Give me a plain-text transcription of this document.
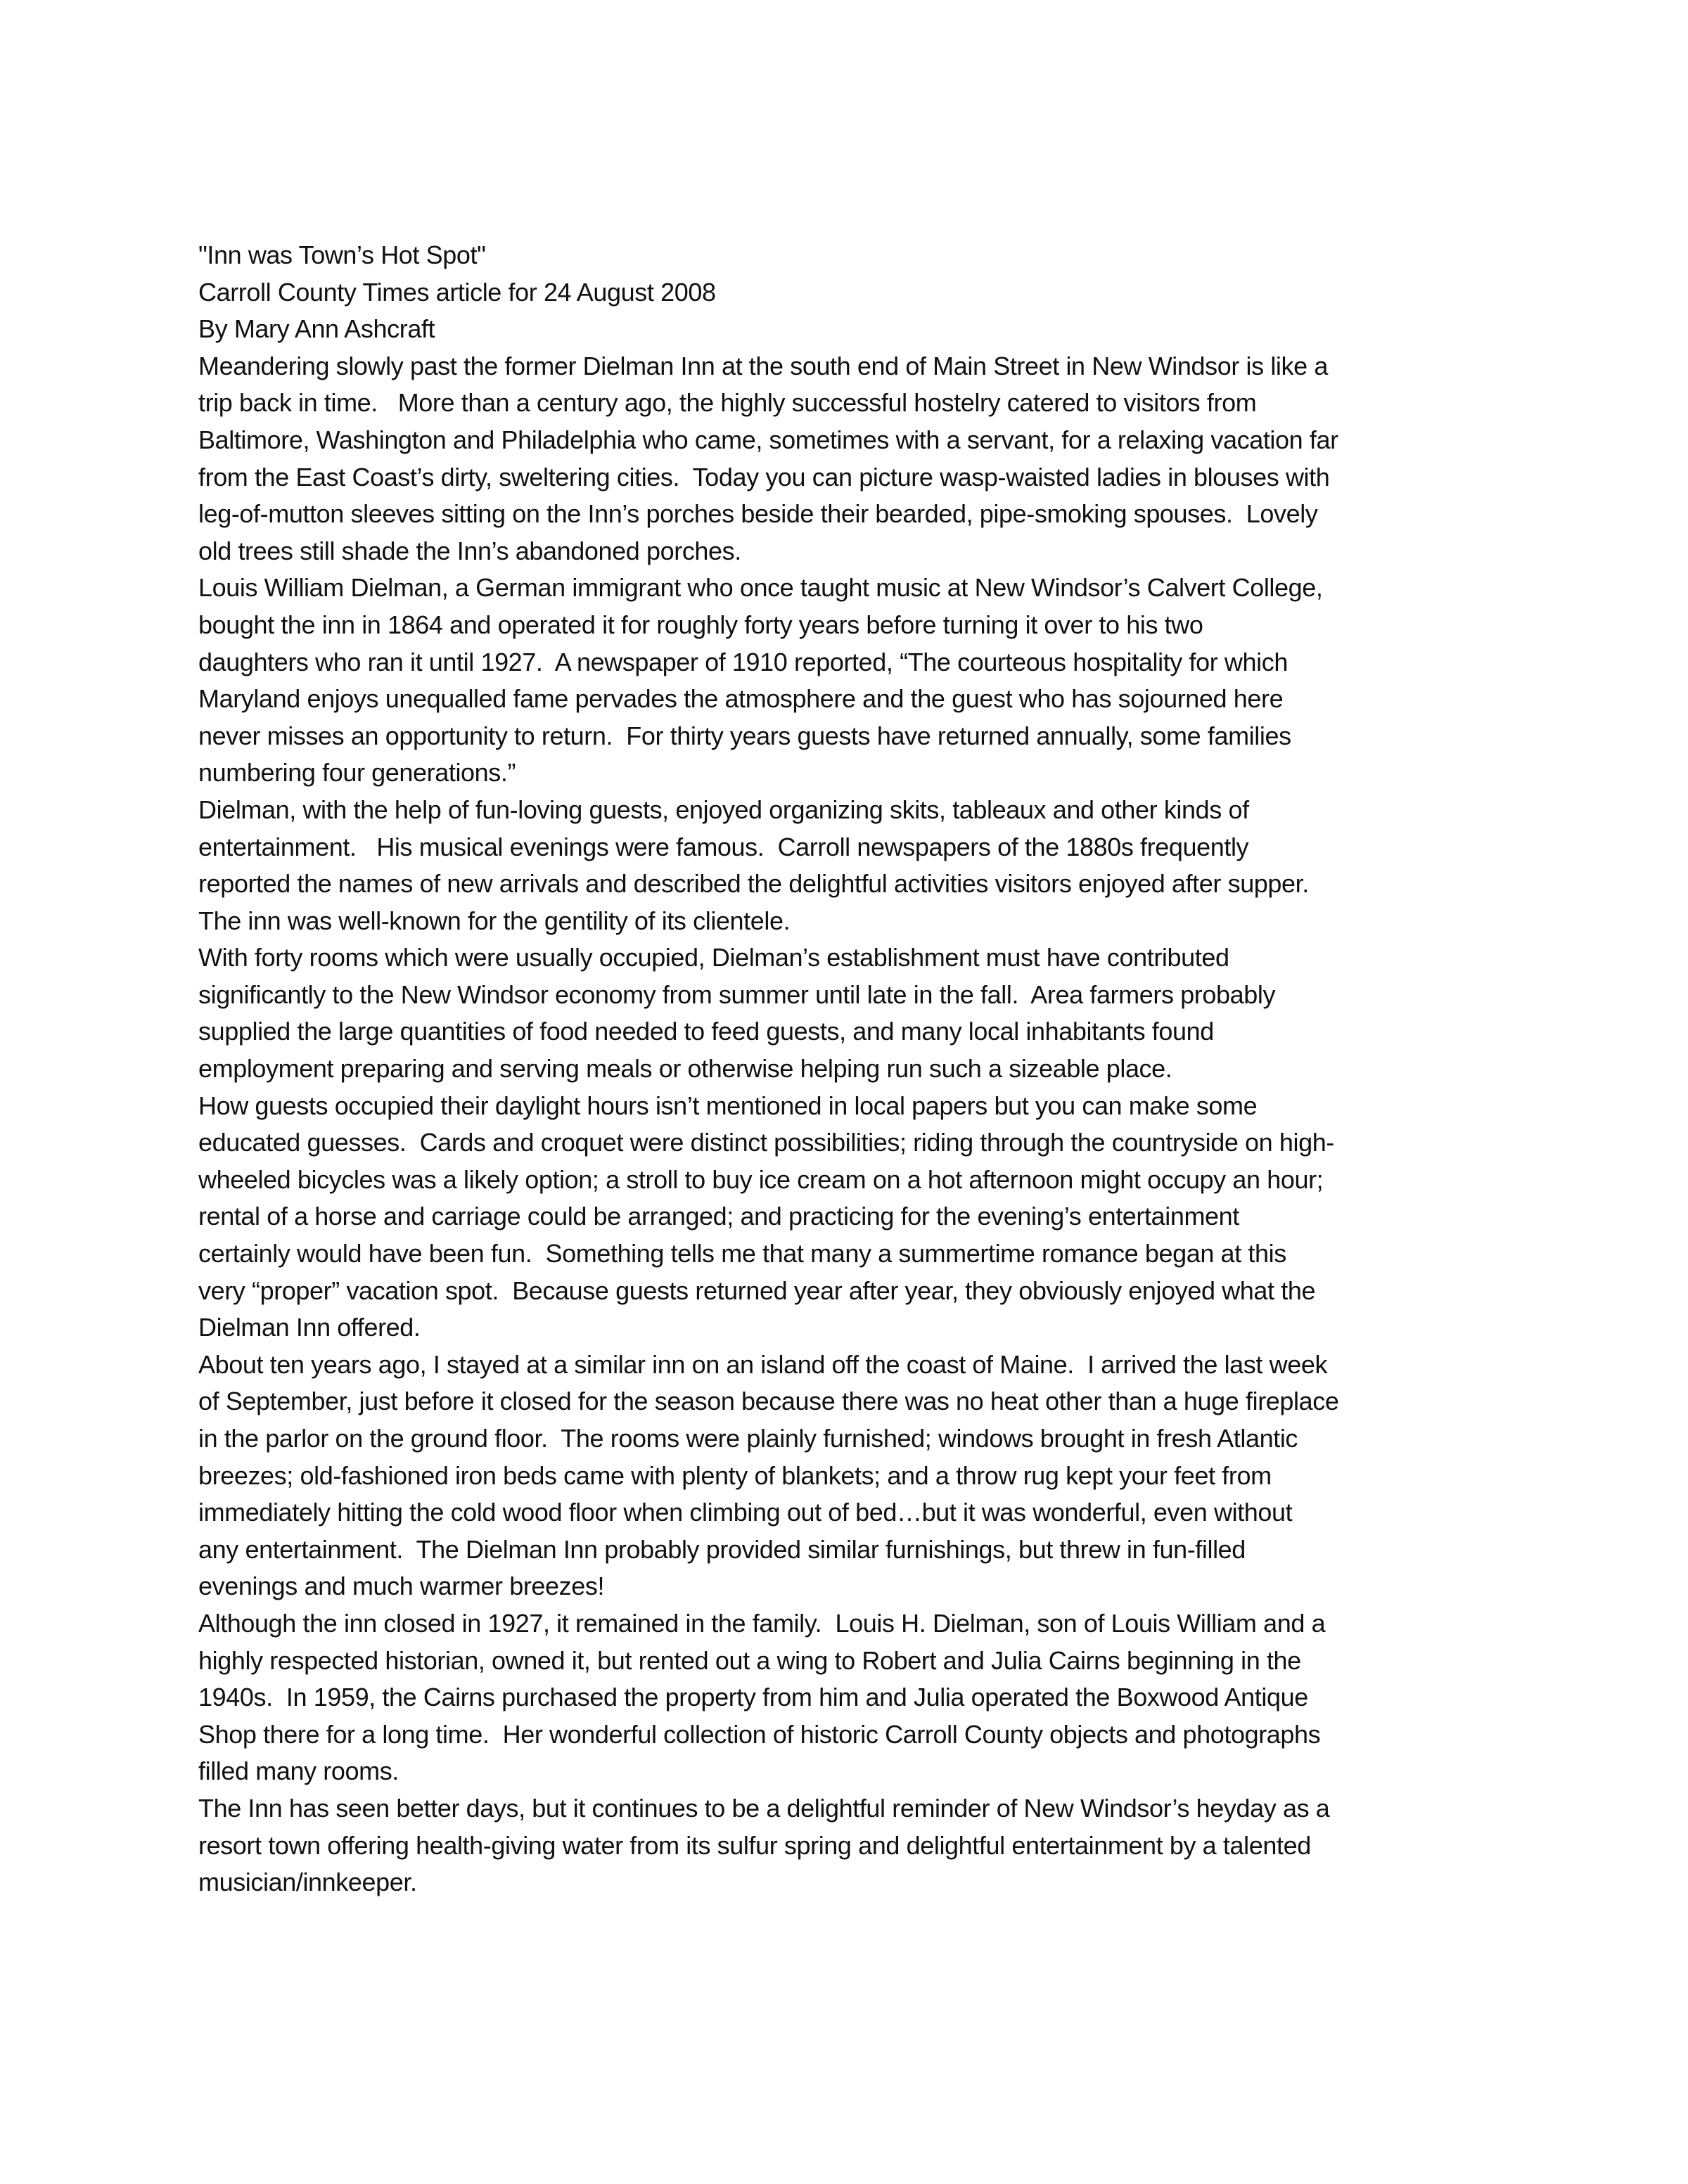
"Inn was Town’s Hot Spot"
Carroll County Times article for 24 August 2008
By Mary Ann Ashcraft
Meandering slowly past the former Dielman Inn at the south end of Main Street in New Windsor is like a
trip back in time.   More than a century ago, the highly successful hostelry catered to visitors from
Baltimore, Washington and Philadelphia who came, sometimes with a servant, for a relaxing vacation far
from the East Coast’s dirty, sweltering cities.  Today you can picture wasp-waisted ladies in blouses with
leg-of-mutton sleeves sitting on the Inn’s porches beside their bearded, pipe-smoking spouses.  Lovely
old trees still shade the Inn’s abandoned porches.
Louis William Dielman, a German immigrant who once taught music at New Windsor’s Calvert College,
bought the inn in 1864 and operated it for roughly forty years before turning it over to his two
daughters who ran it until 1927.  A newspaper of 1910 reported, “The courteous hospitality for which
Maryland enjoys unequalled fame pervades the atmosphere and the guest who has sojourned here
never misses an opportunity to return.  For thirty years guests have returned annually, some families
numbering four generations.”
Dielman, with the help of fun-loving guests, enjoyed organizing skits, tableaux and other kinds of
entertainment.   His musical evenings were famous.  Carroll newspapers of the 1880s frequently
reported the names of new arrivals and described the delightful activities visitors enjoyed after supper.
The inn was well-known for the gentility of its clientele.
With forty rooms which were usually occupied, Dielman’s establishment must have contributed
significantly to the New Windsor economy from summer until late in the fall.  Area farmers probably
supplied the large quantities of food needed to feed guests, and many local inhabitants found
employment preparing and serving meals or otherwise helping run such a sizeable place.
How guests occupied their daylight hours isn’t mentioned in local papers but you can make some
educated guesses.  Cards and croquet were distinct possibilities; riding through the countryside on high-
wheeled bicycles was a likely option; a stroll to buy ice cream on a hot afternoon might occupy an hour;
rental of a horse and carriage could be arranged; and practicing for the evening’s entertainment
certainly would have been fun.  Something tells me that many a summertime romance began at this
very “proper” vacation spot.  Because guests returned year after year, they obviously enjoyed what the
Dielman Inn offered.
About ten years ago, I stayed at a similar inn on an island off the coast of Maine.  I arrived the last week
of September, just before it closed for the season because there was no heat other than a huge fireplace
in the parlor on the ground floor.  The rooms were plainly furnished; windows brought in fresh Atlantic
breezes; old-fashioned iron beds came with plenty of blankets; and a throw rug kept your feet from
immediately hitting the cold wood floor when climbing out of bed…but it was wonderful, even without
any entertainment.  The Dielman Inn probably provided similar furnishings, but threw in fun-filled
evenings and much warmer breezes!
Although the inn closed in 1927, it remained in the family.  Louis H. Dielman, son of Louis William and a
highly respected historian, owned it, but rented out a wing to Robert and Julia Cairns beginning in the
1940s.  In 1959, the Cairns purchased the property from him and Julia operated the Boxwood Antique
Shop there for a long time.  Her wonderful collection of historic Carroll County objects and photographs
filled many rooms.
The Inn has seen better days, but it continues to be a delightful reminder of New Windsor’s heyday as a
resort town offering health-giving water from its sulfur spring and delightful entertainment by a talented
musician/innkeeper.
